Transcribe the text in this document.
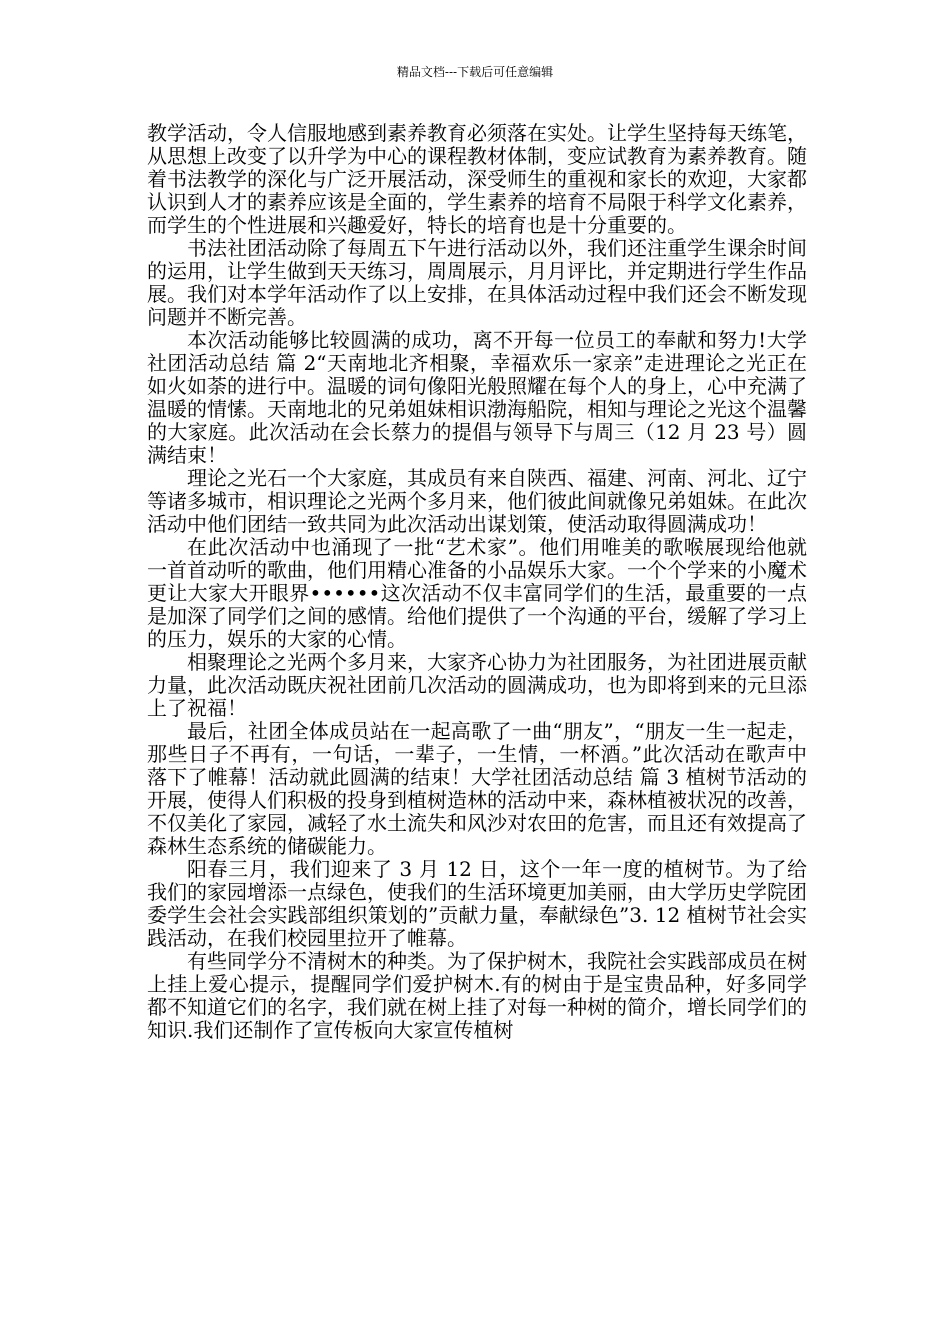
精品文档---下载后可任意编辑

教学活动，令人信服地感到素养教育必须落在实处。让学生坚持每天练笔，从思想上改变了以升学为中心的课程教材体制，变应试教育为素养教育。随着书法教学的深化与广泛开展活动，深受师生的重视和家长的欢迎，大家都认识到人才的素养应该是全面的，学生素养的培育不局限于科学文化素养，而学生的个性进展和兴趣爱好，特长的培育也是十分重要的。

书法社团活动除了每周五下午进行活动以外，我们还注重学生课余时间的运用，让学生做到天天练习，周周展示，月月评比，并定期进行学生作品展。我们对本学年活动作了以上安排，在具体活动过程中我们还会不断发现问题并不断完善。

本次活动能够比较圆满的成功，离不开每一位员工的奉献和努力!大学社团活动总结 篇 2“天南地北齐相聚，幸福欢乐一家亲”走进理论之光正在如火如荼的进行中。温暖的词句像阳光般照耀在每个人的身上，心中充满了温暖的情愫。天南地北的兄弟姐妹相识渤海船院，相知与理论之光这个温馨的大家庭。此次活动在会长蔡力的提倡与领导下与周三（12 月 23 号）圆满结束！

理论之光石一个大家庭，其成员有来自陕西、福建、河南、河北、辽宁等诸多城市，相识理论之光两个多月来，他们彼此间就像兄弟姐妹。在此次活动中他们团结一致共同为此次活动出谋划策，使活动取得圆满成功！

在此次活动中也涌现了一批“艺术家”。他们用唯美的歌喉展现给他就一首首动听的歌曲，他们用精心准备的小品娱乐大家。一个个学来的小魔术更让大家大开眼界••••••这次活动不仅丰富同学们的生活，最重要的一点是加深了同学们之间的感情。给他们提供了一个沟通的平台，缓解了学习上的压力，娱乐的大家的心情。

相聚理论之光两个多月来，大家齐心协力为社团服务，为社团进展贡献力量，此次活动既庆祝社团前几次活动的圆满成功，也为即将到来的元旦添上了祝福！

最后，社团全体成员站在一起高歌了一曲“朋友”，“朋友一生一起走，那些日子不再有，一句话，一辈子，一生情，一杯酒。”此次活动在歌声中落下了帷幕！活动就此圆满的结束！大学社团活动总结 篇 3 植树节活动的开展，使得人们积极的投身到植树造林的活动中来，森林植被状况的改善，不仅美化了家园，减轻了水土流失和风沙对农田的危害，而且还有效提高了森林生态系统的储碳能力。

阳春三月，我们迎来了 3 月 12 日，这个一年一度的植树节。为了给我们的家园增添一点绿色，使我们的生活环境更加美丽，由大学历史学院团委学生会社会实践部组织策划的”贡献力量，奉献绿色”3. 12 植树节社会实践活动，在我们校园里拉开了帷幕。

有些同学分不清树木的种类。为了保护树木，我院社会实践部成员在树上挂上爱心提示，提醒同学们爱护树木.有的树由于是宝贵品种，好多同学都不知道它们的名字，我们就在树上挂了对每一种树的简介，增长同学们的知识.我们还制作了宣传板向大家宣传植树
